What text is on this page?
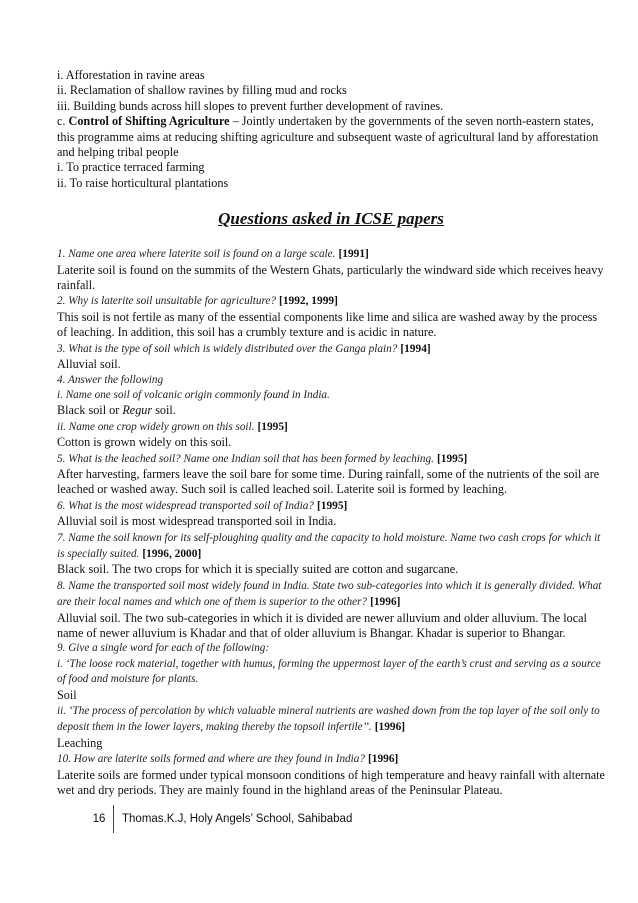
i. Afforestation in ravine areas

ii. Reclamation of shallow ravines by filling mud and rocks

iii. Building bunds across hill slopes to prevent further development of ravines.

c. Control of Shifting Agriculture – Jointly undertaken by the governments of the seven north-eastern states, this programme aims at reducing shifting agriculture and subsequent waste of agricultural land by afforestation and helping tribal people

i. To practice terraced farming

ii. To raise horticultural plantations

Questions asked in ICSE papers

1. Name one area where laterite soil is found on a large scale. [1991]

Laterite soil is found on the summits of the Western Ghats, particularly the windward side which receives heavy rainfall.

2. Why is laterite soil unsuitable for agriculture? [1992, 1999]

This soil is not fertile as many of the essential components like lime and silica are washed away by the process of leaching. In addition, this soil has a crumbly texture and is acidic in nature.

3. What is the type of soil which is widely distributed over the Ganga plain? [1994]

Alluvial soil.

4. Answer the following

i. Name one soil of volcanic origin commonly found in India.

Black soil or Regur soil.

ii. Name one crop widely grown on this soil. [1995]

Cotton is grown widely on this soil.

5. What is the leached soil? Name one Indian soil that has been formed by leaching. [1995]

After harvesting, farmers leave the soil bare for some time. During rainfall, some of the nutrients of the soil are leached or washed away. Such soil is called leached soil. Laterite soil is formed by leaching.

6. What is the most widespread transported soil of India? [1995]

Alluvial soil is most widespread transported soil in India.

7. Name the soil known for its self-ploughing quality and the capacity to hold moisture. Name two cash crops for which it is specially suited. [1996, 2000]

Black soil. The two crops for which it is specially suited are cotton and sugarcane.

8. Name the transported soil most widely found in India. State two sub-categories into which it is generally divided. What are their local names and which one of them is superior to the other? [1996]

Alluvial soil. The two sub-categories in which it is divided are newer alluvium and older alluvium. The local name of newer alluvium is Khadar and that of older alluvium is Bhangar. Khadar is superior to Bhangar.

9. Give a single word for each of the following:

i. ‘The loose rock material, together with humus, forming the uppermost layer of the earth’s crust and serving as a source of food and moisture for plants.

Soil

ii. ‘The process of percolation by which valuable mineral nutrients are washed down from the top layer of the soil only to deposit them in the lower layers, making thereby the topsoil infertile’’. [1996]

Leaching

10. How are laterite soils formed and where are they found in India? [1996]

Laterite soils are formed under typical monsoon conditions of high temperature and heavy rainfall with alternate wet and dry periods. They are mainly found in the highland areas of the Peninsular Plateau.

16 Thomas.K.J, Holy Angels’ School, Sahibabad
